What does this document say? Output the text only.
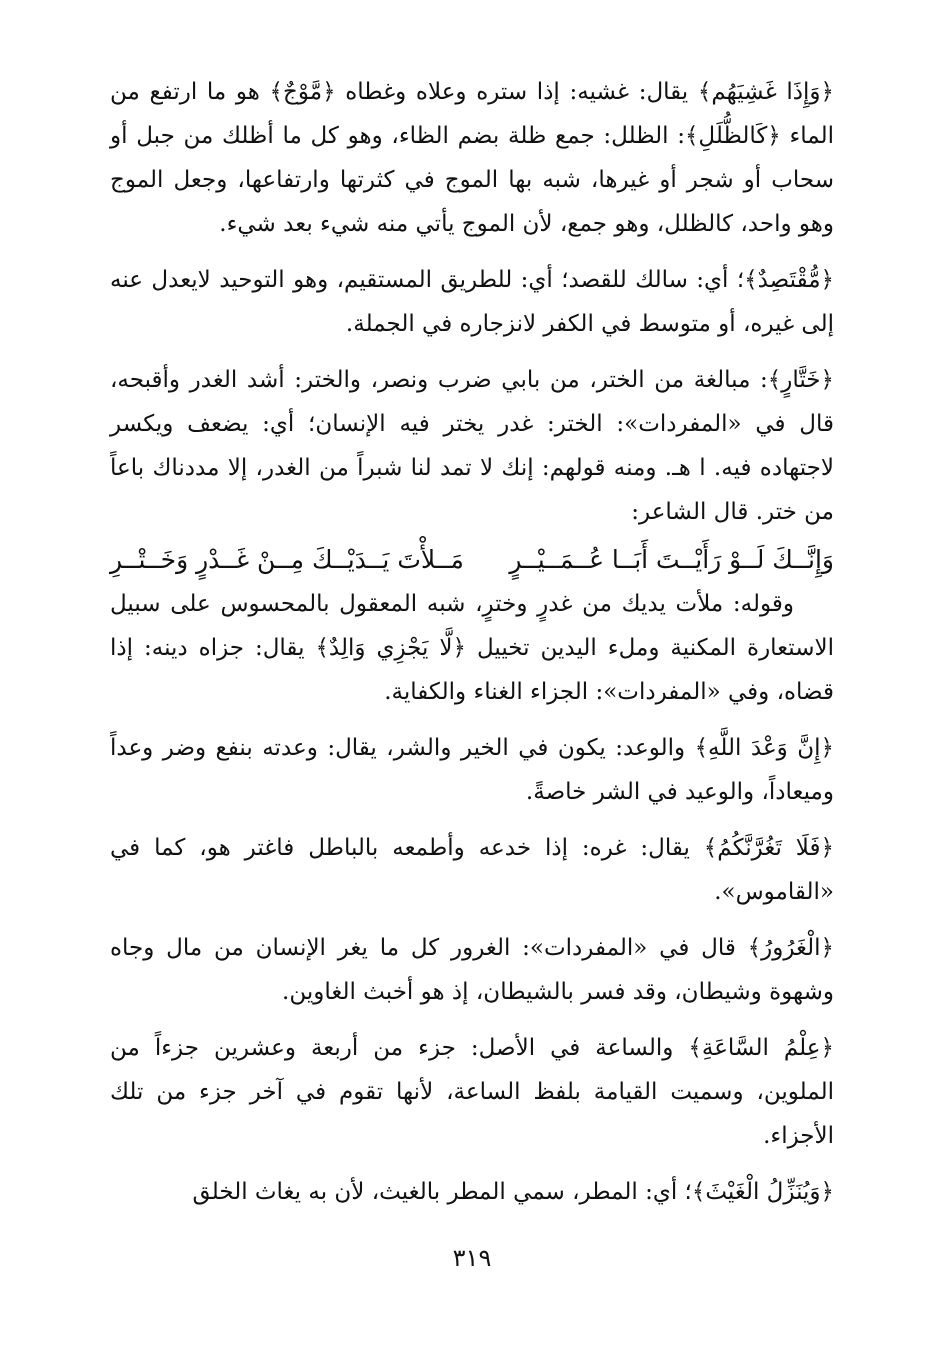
﴿وَإِذَا غَشِيَهُم﴾ يقال: غشيه: إذا ستره وعلاه وغطاه ﴿مَّوْجٌ﴾ هو ما ارتفع من الماء ﴿كَالظُّلَلِ﴾: الظلل: جمع ظلة بضم الظاء، وهو كل ما أظلك من جبل أو سحاب أو شجر أو غيرها، شبه بها الموج في كثرتها وارتفاعها، وجعل الموج وهو واحد، كالظلل، وهو جمع، لأن الموج يأتي منه شيء بعد شيء.

﴿مُّقْتَصِدٌ﴾؛ أي: سالك للقصد؛ أي: للطريق المستقيم، وهو التوحيد لايعدل عنه إلى غيره، أو متوسط في الكفر لانزجاره في الجملة.

﴿خَتَّارٍ﴾: مبالغة من الختر، من بابي ضرب ونصر، والختر: أشد الغدر وأقبحه، قال في «المفردات»: الختر: غدر يختر فيه الإنسان؛ أي: يضعف ويكسر لاجتهاده فيه. ا هـ. ومنه قولهم: إنك لا تمد لنا شبراً من الغدر، إلا مددناك باعاً من ختر. قال الشاعر:

وَإِنَّــكَ لَــوْ رَأَيْــتَ أَبَــا عُــمَــيْــرٍ
مَــلأْتَ يَــدَيْــكَ مِــنْ غَــدْرٍ وَخَــتْــرِ

وقوله: ملأت يديك من غدرٍ وخترٍ، شبه المعقول بالمحسوس على سبيل الاستعارة المكنية وملء اليدين تخييل ﴿لَّا يَجْزِي وَالِدٌ﴾ يقال: جزاه دينه: إذا قضاه، وفي «المفردات»: الجزاء الغناء والكفاية.

﴿إِنَّ وَعْدَ اللَّهِ﴾ والوعد: يكون في الخير والشر، يقال: وعدته بنفع وضر وعداً وميعاداً، والوعيد في الشر خاصةً.

﴿فَلَا تَغُرَّنَّكُمُ﴾ يقال: غره: إذا خدعه وأطمعه بالباطل فاغتر هو، كما في «القاموس».

﴿الْغَرُورُ﴾ قال في «المفردات»: الغرور كل ما يغر الإنسان من مال وجاه وشهوة وشيطان، وقد فسر بالشيطان، إذ هو أخبث الغاوين.

﴿عِلْمُ السَّاعَةِ﴾ والساعة في الأصل: جزء من أربعة وعشرين جزءاً من الملوين، وسميت القيامة بلفظ الساعة، لأنها تقوم في آخر جزء من تلك الأجزاء.

﴿وَيُنَزِّلُ الْغَيْثَ﴾؛ أي: المطر، سمي المطر بالغيث، لأن به يغاث الخلق

٣١٩
